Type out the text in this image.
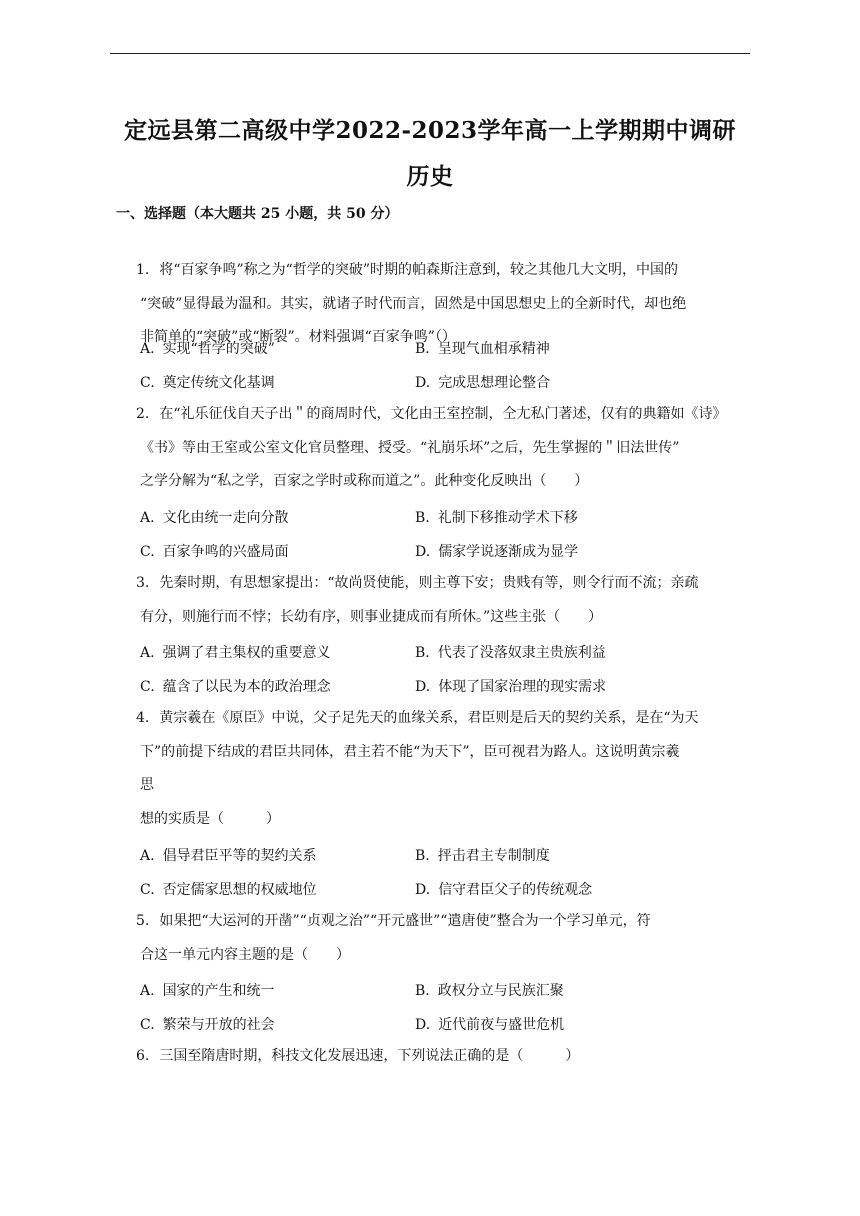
定远县第二高级中学2022-2023学年高一上学期期中调研
历史
一、选择题（本大题共 25 小题，共 50 分）

1. 将“百家争鸣”称之为“哲学的突破”时期的帕森斯注意到，较之其他几大文明，中国的

“突破”显得最为温和。其实，就诸子时代而言，固然是中国思想史上的全新时代，却也绝

非简单的“突破”或“断裂”。材料强调“百家争鸣”（）

A. 实现“哲学的突破”	B. 呈现气血相承精神
C. 奠定传统文化基调	D. 完成思想理论整合

2. 在“礼乐征伐自天子出＂的商周时代，文化由王室控制，仝尢私门著述，仅有的典籍如《诗》

《书》等由王室或公室文化官员整理、授受。“礼崩乐坏”之后，先生掌握的＂旧法世传”

之学分解为“私之学，百家之学时或称而道之”。此种变化反映出（　　）

A. 文化由统一走向分散	B. 礼制下移推动学术下移
C. 百家争鸣的兴盛局面	D. 儒家学说逐渐成为显学

3. 先秦时期，有思想家提出：“故尚贤使能，则主尊下安；贵贱有等，则令行而不流；亲疏

有分，则施行而不悖；长幼有序，则事业捷成而有所休。”这些主张（　　）

A. 强调了君主集权的重要意义	B. 代表了没落奴隶主贵族利益
C. 蕴含了以民为本的政治理念	D. 体现了国家治理的现实需求

4. 黄宗羲在《原臣》中说，父子足先天的血缘关系，君臣则是后天的契约关系，是在“为天

下”的前提下结成的君臣共同体，君主若不能“为天下”，臣可视君为路人。这说明黄宗羲

思

想的实质是（　　　）

A. 倡导君臣平等的契约关系	B. 抨击君主专制制度
C. 否定儒家思想的权威地位	D. 信守君臣父子的传统观念

5. 如果把“大运河的开凿”“贞观之治”“开元盛世”“遣唐使”整合为一个学习单元，符

合这一单元内容主题的是（　　）

A. 国家的产生和统一	B. 政权分立与民族汇聚
C. 繁荣与开放的社会	D. 近代前夜与盛世危机

6. 三国至隋唐时期，科技文化发展迅速，下列说法正确的是（　　　）
